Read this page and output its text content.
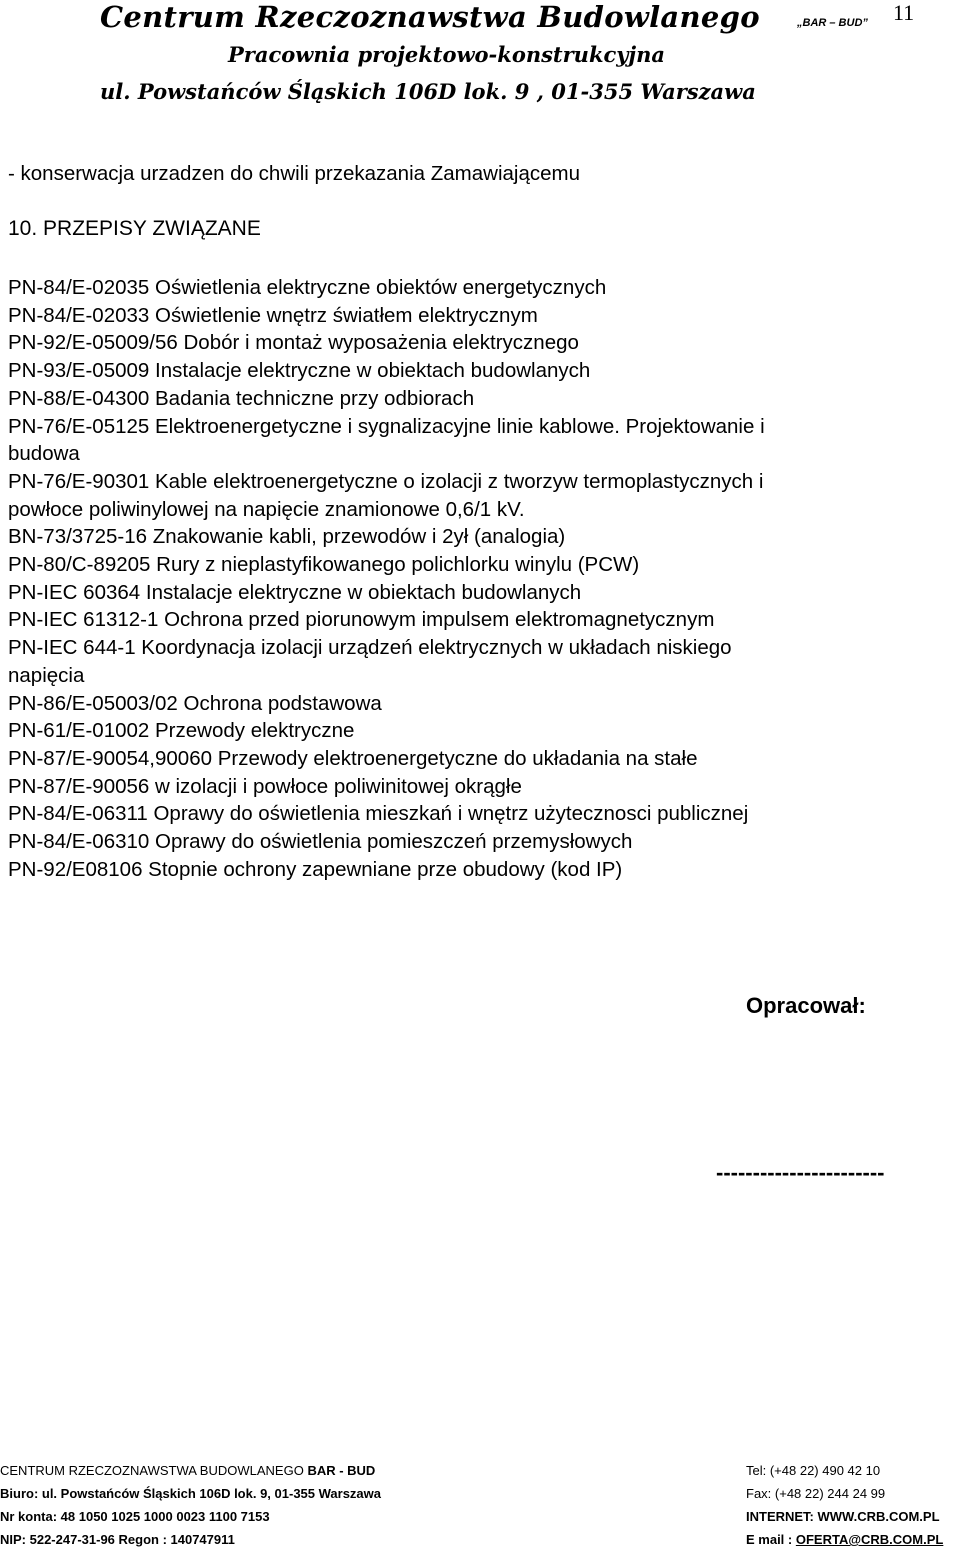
Centrum Rzeczoznawstwa Budowlanego	„BAR – BUD” 11
Pracownia projektowo-konstrukcyjna
ul. Powstańców Śląskich 106D lok. 9 , 01-355 Warszawa
- konserwacja urzadzen do chwili przekazania Zamawiającemu
10. PRZEPISY ZWIĄZANE
PN-84/E-02035 Oświetlenia elektryczne obiektów energetycznych
PN-84/E-02033 Oświetlenie wnętrz światłem elektrycznym
PN-92/E-05009/56 Dobór i montaż wyposażenia elektrycznego
PN-93/E-05009 Instalacje elektryczne w obiektach budowlanych
PN-88/E-04300 Badania techniczne przy odbiorach
PN-76/E-05125 Elektroenergetyczne i sygnalizacyjne linie kablowe. Projektowanie i
budowa
PN-76/E-90301 Kable elektroenergetyczne o izolacji z tworzyw termoplastycznych i
powłoce poliwinylowej na napięcie znamionowe 0,6/1 kV.
BN-73/3725-16 Znakowanie kabli, przewodów i 2ył (analogia)
PN-80/C-89205 Rury z nieplastyfikowanego polichlorku winylu (PCW)
PN-IEC 60364 Instalacje elektryczne w obiektach budowlanych
PN-IEC 61312-1 Ochrona przed piorunowym impulsem elektromagnetycznym
PN-IEC 644-1 Koordynacja izolacji urządzeń elektrycznych w układach niskiego
napięcia
PN-86/E-05003/02 Ochrona podstawowa
PN-61/E-01002 Przewody elektryczne
PN-87/E-90054,90060 Przewody elektroenergetyczne do układania na stałe
PN-87/E-90056 w izolacji i powłoce poliwinitowej okrągłe
PN-84/E-06311 Oprawy do oświetlenia mieszkań i wnętrz użytecznosci publicznej
PN-84/E-06310 Oprawy do oświetlenia pomieszczeń przemysłowych
PN-92/E08106 Stopnie ochrony zapewniane prze obudowy (kod IP)
Opracował:
-----------------------
CENTRUM RZECZOZNAWSTWA BUDOWLANEGO BAR - BUD
Biuro: ul. Powstańców Śląskich 106D lok. 9, 01-355 Warszawa
Nr konta: 48 1050 1025 1000 0023 1100 7153
NIP: 522-247-31-96 Regon : 140747911
Tel: (+48 22) 490 42 10
Fax: (+48 22) 244 24 99
INTERNET: WWW.CRB.COM.PL
E mail : OFERTA@CRB.COM.PL
